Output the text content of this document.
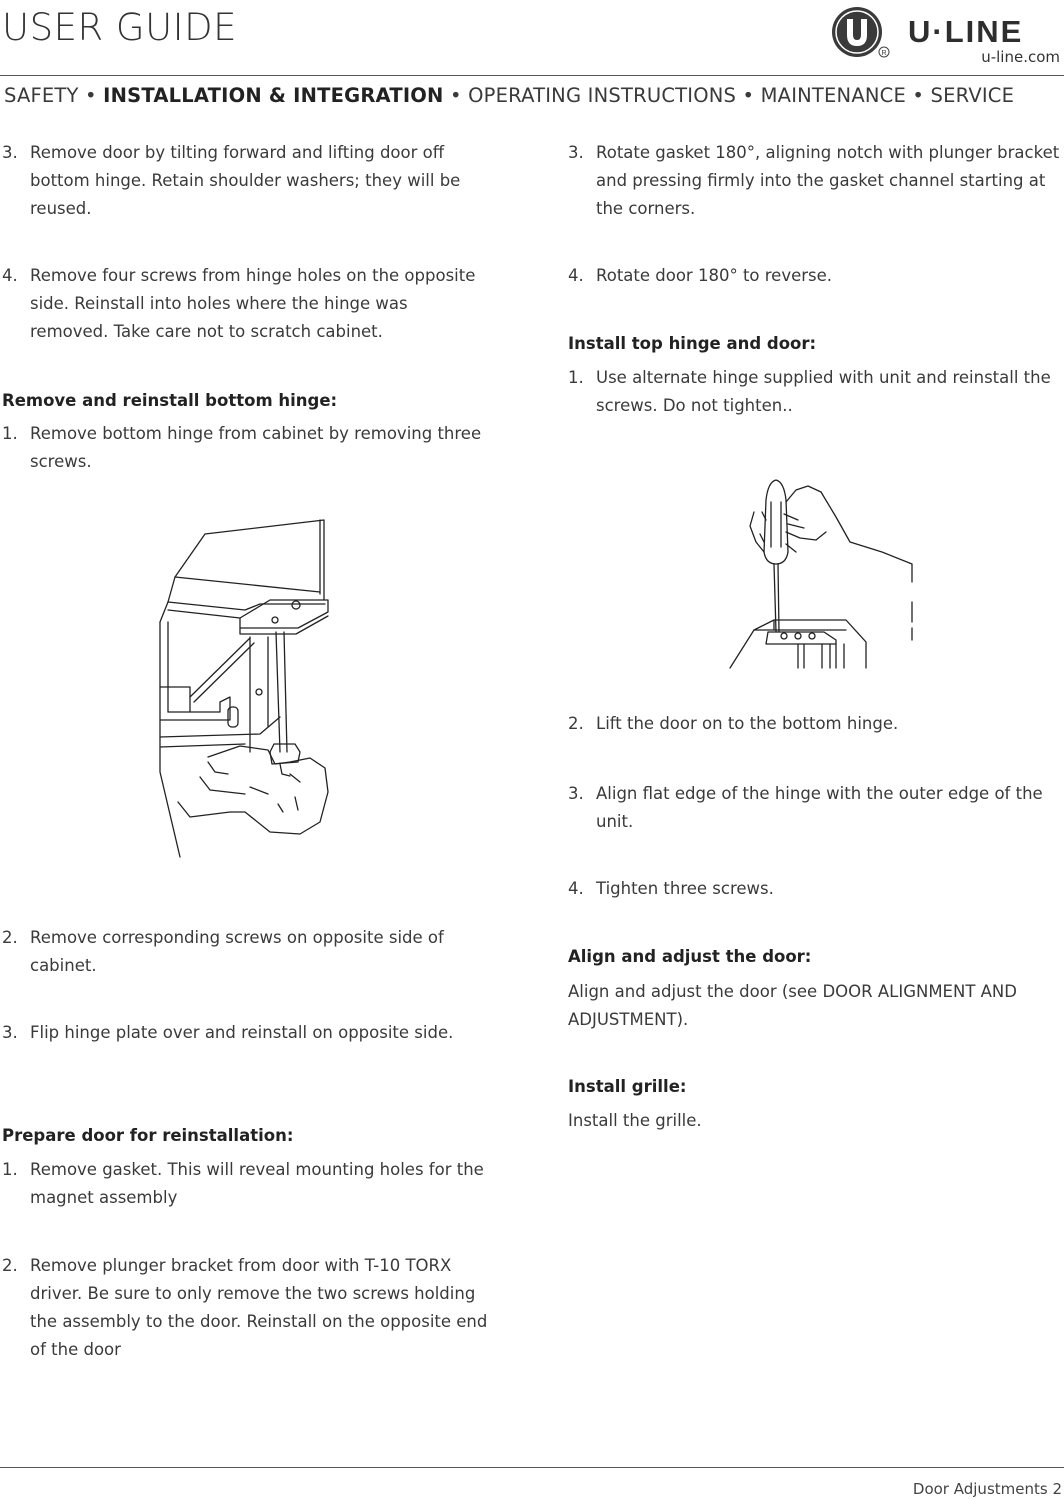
USER GUIDE
R
U·LINE
u-line.com
SAFETY • INSTALLATION & INTEGRATION • OPERATING INSTRUCTIONS • MAINTENANCE • SERVICE
3. Remove door by tilting forward and lifting door off bottom hinge. Retain shoulder washers; they will be reused.
4. Remove four screws from hinge holes on the opposite side. Reinstall into holes where the hinge was removed. Take care not to scratch cabinet.
Remove and reinstall bottom hinge:
1. Remove bottom hinge from cabinet by removing three screws.
2. Remove corresponding screws on opposite side of cabinet.
3. Flip hinge plate over and reinstall on opposite side.
Prepare door for reinstallation:
1. Remove gasket. This will reveal mounting holes for the magnet assembly
2. Remove plunger bracket from door with T-10 TORX driver. Be sure to only remove the two screws holding the assembly to the door. Reinstall on the opposite end of the door
3. Rotate gasket 180°, aligning notch with plunger bracket and pressing firmly into the gasket channel starting at the corners.
4. Rotate door 180° to reverse.
Install top hinge and door:
1. Use alternate hinge supplied with unit and reinstall the screws. Do not tighten..
2. Lift the door on to the bottom hinge.
3. Align flat edge of the hinge with the outer edge of the unit.
4. Tighten three screws.
Align and adjust the door:
Align and adjust the door (see DOOR ALIGNMENT AND ADJUSTMENT).
Install grille:
Install the grille.
Door Adjustments 2
